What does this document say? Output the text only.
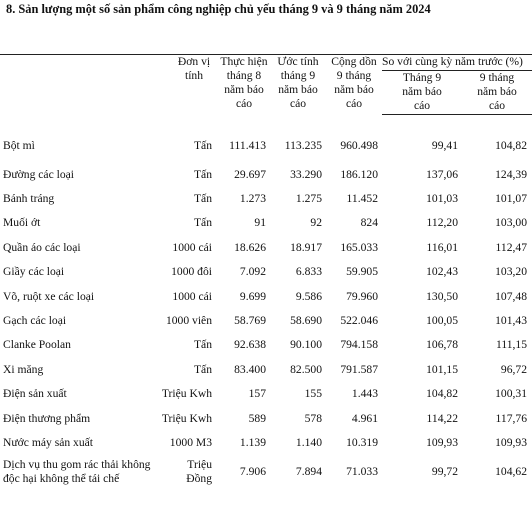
8. Sản lượng một số sản phẩm công nghiệp chủ yếu tháng 9 và 9 tháng năm 2024

	Đơn vị tính	Thực hiện tháng 8 năm báo cáo	Ước tính tháng 9 năm báo cáo	Cộng dồn 9 tháng năm báo cáo	So với cùng kỳ năm trước (%)	

					Tháng 9 năm báo cáo	9 tháng năm báo cáo

Bột mì	Tấn	111.413	113.235	960.498	99,41	104,82
Đường các loại	Tấn	29.697	33.290	186.120	137,06	124,39
Bánh tráng	Tấn	1.273	1.275	11.452	101,03	101,07
Muối ớt	Tấn	91	92	824	112,20	103,00
Quần áo các loại	1000 cái	18.626	18.917	165.033	116,01	112,47
Giầy các loại	1000 đôi	7.092	6.833	59.905	102,43	103,20
Võ, ruột xe các loại	1000 cái	9.699	9.586	79.960	130,50	107,48
Gạch các loại	1000 viên	58.769	58.690	522.046	100,05	101,43
Clanke Poolan	Tấn	92.638	90.100	794.158	106,78	111,15
Xi măng	Tấn	83.400	82.500	791.587	101,15	96,72
Điện sản xuất	Triệu Kwh	157	155	1.443	104,82	100,31
Điện thương phẩm	Triệu Kwh	589	578	4.961	114,22	117,76
Nước máy sản xuất	1000 M3	1.139	1.140	10.319	109,93	109,93
Dịch vụ thu gom rác thải không độc hại không thể tái chế	Triệu Đồng	7.906	7.894	71.033	99,72	104,62
